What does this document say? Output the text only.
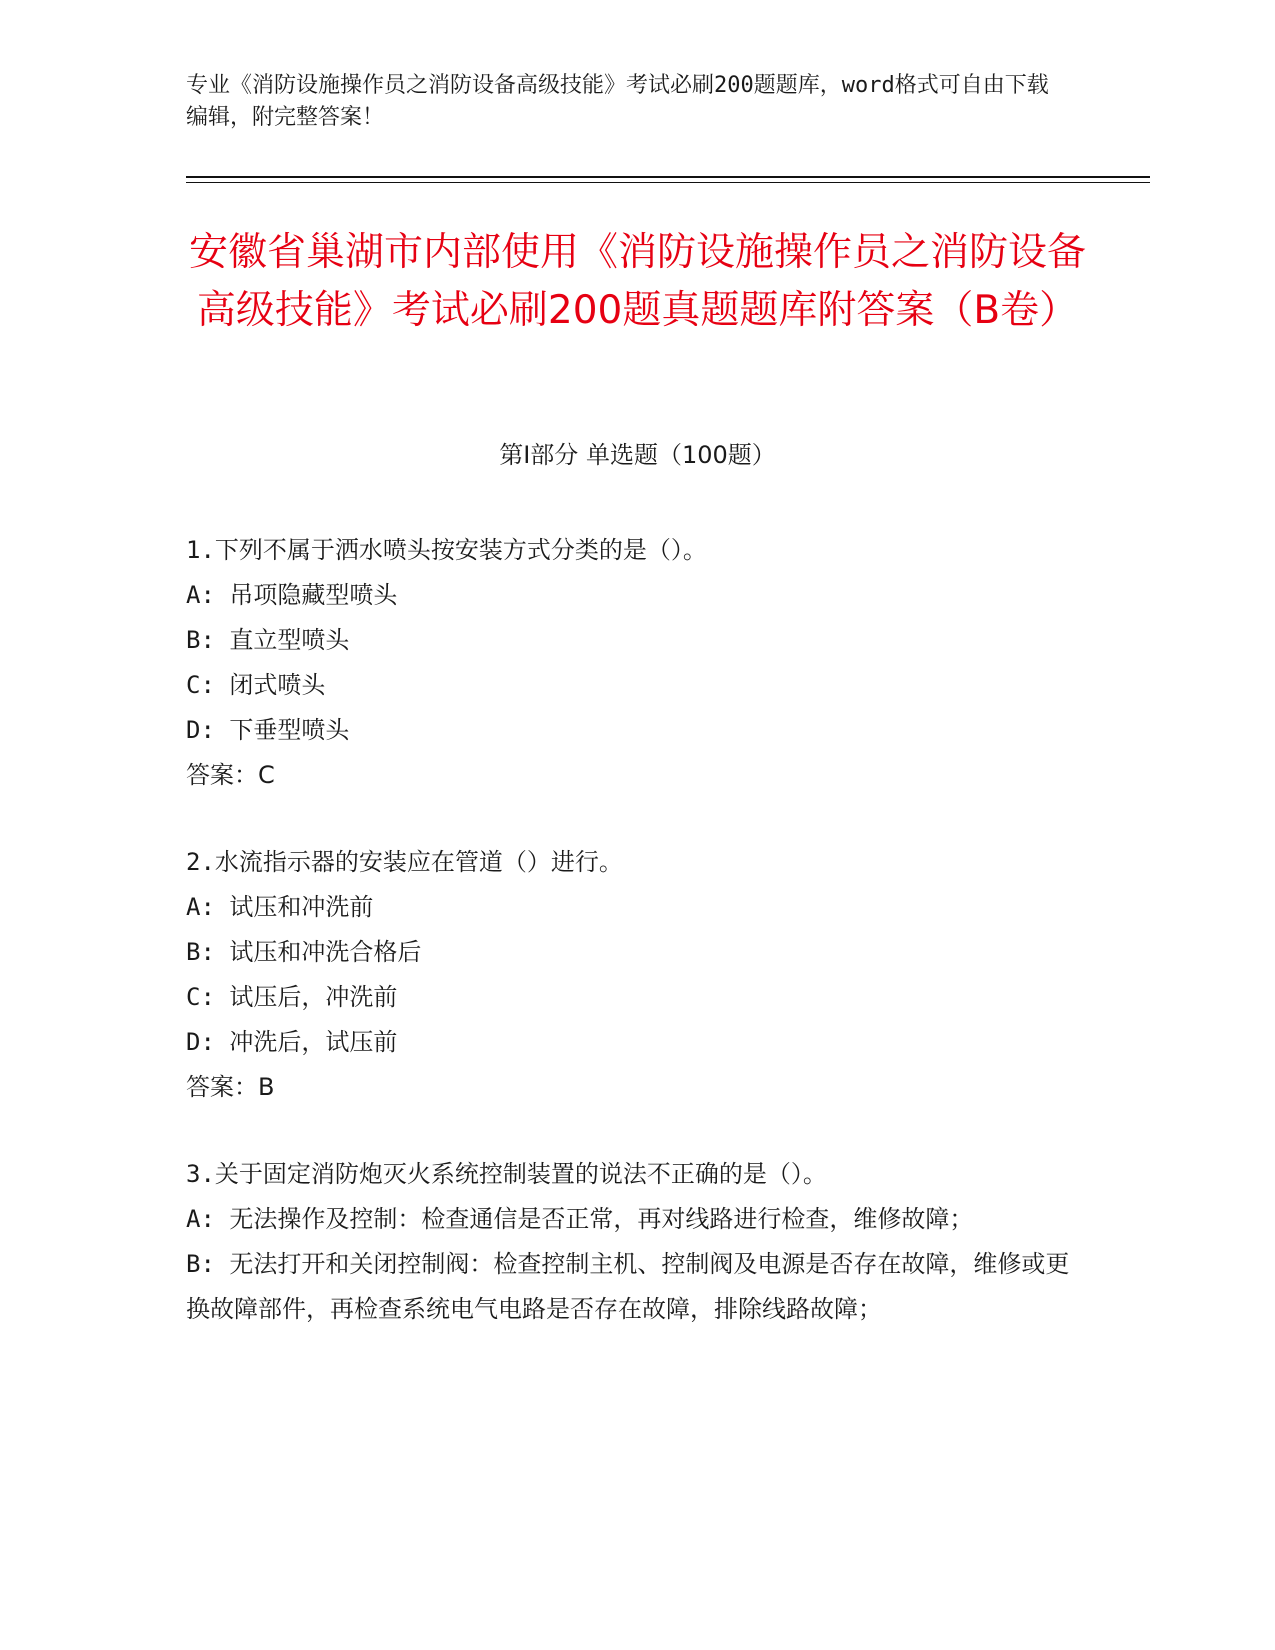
专业《消防设施操作员之消防设备高级技能》考试必刷200题题库，word格式可自由下载编辑，附完整答案！
安徽省巢湖市内部使用《消防设施操作员之消防设备高级技能》考试必刷200题真题题库附答案（B卷）
第Ⅰ部分 单选题（100题）

1.下列不属于洒水喷头按安装方式分类的是（）。

A: 吊项隐藏型喷头

B: 直立型喷头

C: 闭式喷头

D: 下垂型喷头

答案：C

2.水流指示器的安装应在管道（）进行。

A: 试压和冲洗前

B: 试压和冲洗合格后

C: 试压后，冲洗前

D: 冲洗后，试压前

答案：B

3.关于固定消防炮灭火系统控制装置的说法不正确的是（）。

A: 无法操作及控制：检查通信是否正常，再对线路进行检查，维修故障；

B: 无法打开和关闭控制阀：检查控制主机、控制阀及电源是否存在故障，维修或更换故障部件，再检查系统电气电路是否存在故障，排除线路故障；
